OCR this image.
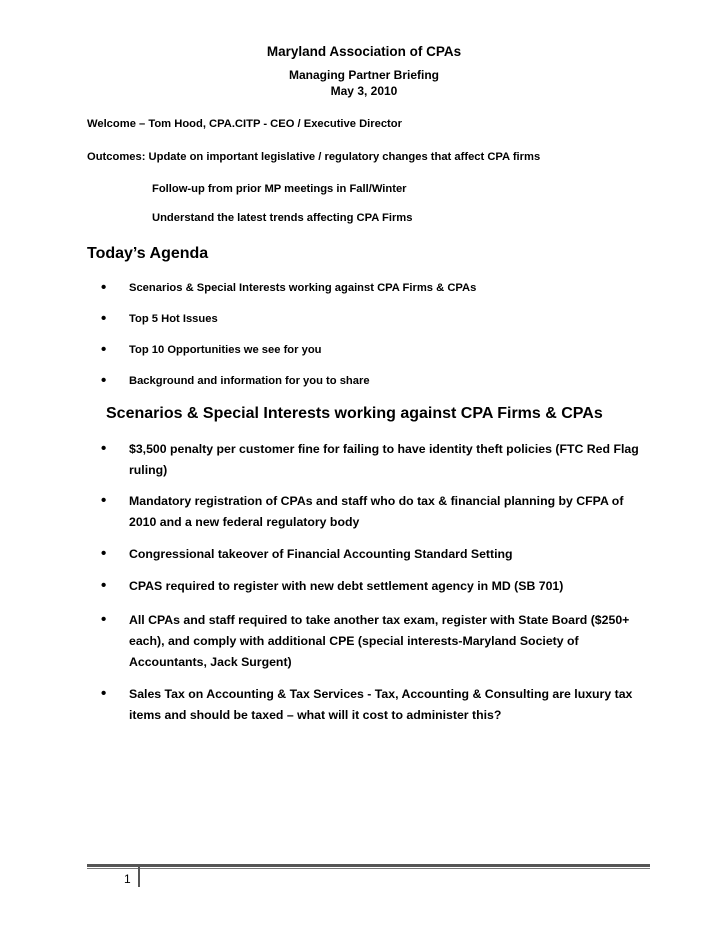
Maryland Association of CPAs
Managing Partner Briefing
May 3, 2010
Welcome – Tom Hood, CPA.CITP - CEO / Executive Director
Outcomes: Update on important legislative / regulatory changes that affect CPA firms
Follow-up from prior MP meetings in Fall/Winter
Understand the latest trends affecting CPA Firms
Today’s Agenda
• Scenarios & Special Interests working against CPA Firms & CPAs
• Top 5 Hot Issues
• Top 10 Opportunities we see for you
• Background and information for you to share
Scenarios & Special Interests working against CPA Firms & CPAs
• $3,500 penalty per customer fine for failing to have identity theft policies (FTC Red Flag ruling)
• Mandatory registration of CPAs and staff who do tax & financial planning by CFPA of 2010 and a new federal regulatory body
• Congressional takeover of Financial Accounting Standard Setting
• CPAS required to register with new debt settlement agency in MD (SB 701)
• All CPAs and staff required to take another tax exam, register with State Board ($250+ each), and comply with additional CPE (special interests-Maryland Society of Accountants, Jack Surgent)
• Sales Tax on Accounting & Tax Services - Tax, Accounting & Consulting are luxury tax items and should be taxed – what will it cost to administer this?
1
